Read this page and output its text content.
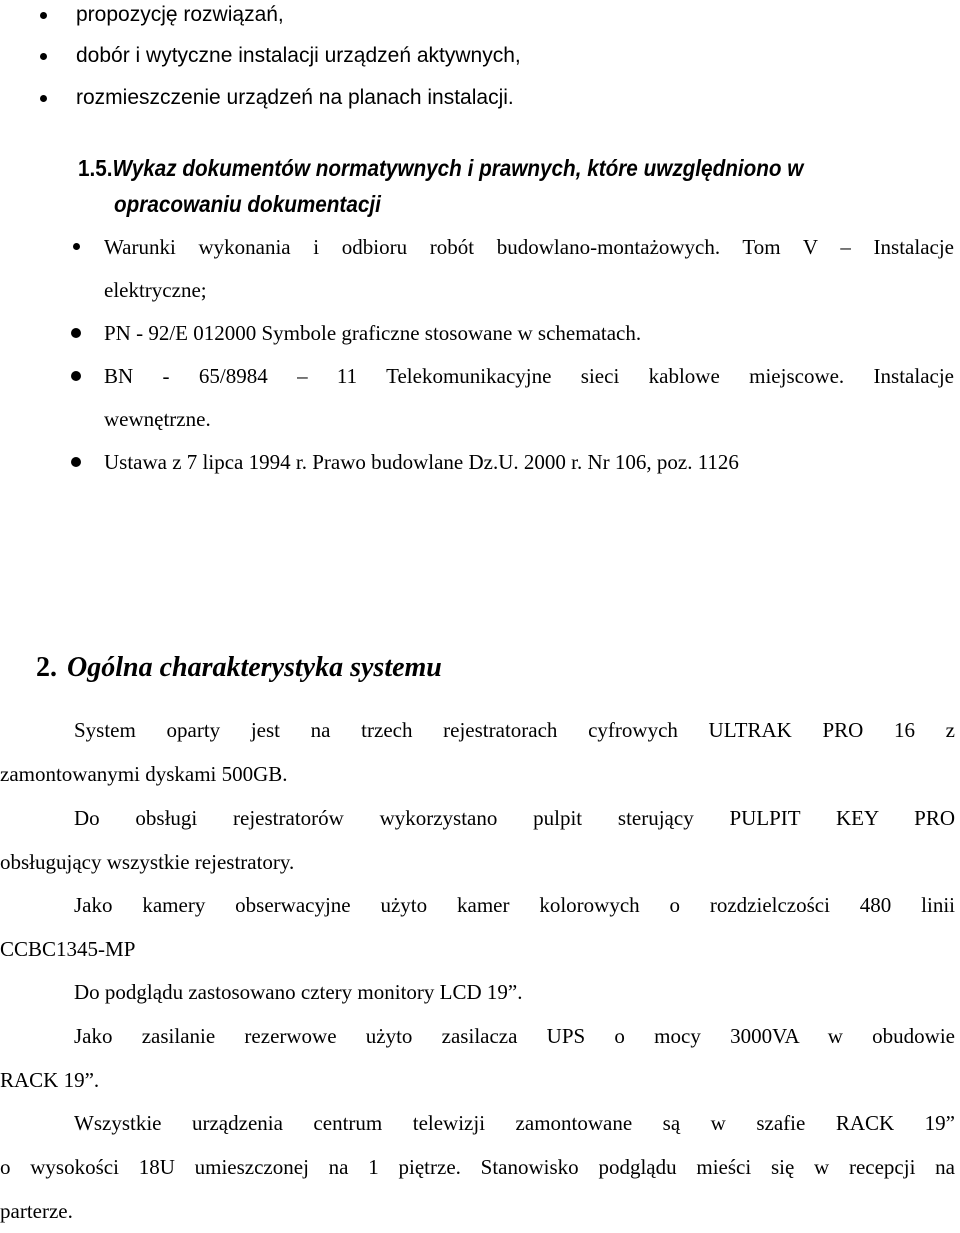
propozycję rozwiązań,
dobór i wytyczne instalacji urządzeń aktywnych,
rozmieszczenie urządzeń na planach instalacji.
1.5.Wykaz dokumentów normatywnych i prawnych, które uwzględniono w
opracowaniu dokumentacji
Warunki wykonania i odbioru robót budowlano-montażowych. Tom V – Instalacje
elektryczne;
PN - 92/E 012000 Symbole graficzne stosowane w schematach.
BN - 65/8984 – 11 Telekomunikacyjne sieci kablowe miejscowe. Instalacje
wewnętrzne.
Ustawa z 7 lipca 1994 r. Prawo budowlane Dz.U. 2000 r. Nr 106, poz. 1126
2. Ogólna charakterystyka systemu
System oparty jest na trzech rejestratorach cyfrowych ULTRAK PRO 16 z
zamontowanymi dyskami 500GB.
Do obsługi rejestratorów wykorzystano pulpit sterujący PULPIT KEY PRO
obsługujący wszystkie rejestratory.
Jako kamery obserwacyjne użyto kamer kolorowych o rozdzielczości 480 linii
CCBC1345-MP
Do podglądu zastosowano cztery monitory LCD 19”.
Jako zasilanie rezerwowe użyto zasilacza UPS o mocy 3000VA w obudowie
RACK 19”.
Wszystkie urządzenia centrum telewizji zamontowane są w szafie RACK 19”
o wysokości 18U umieszczonej na 1 piętrze. Stanowisko podglądu mieści się w recepcji na
parterze.
